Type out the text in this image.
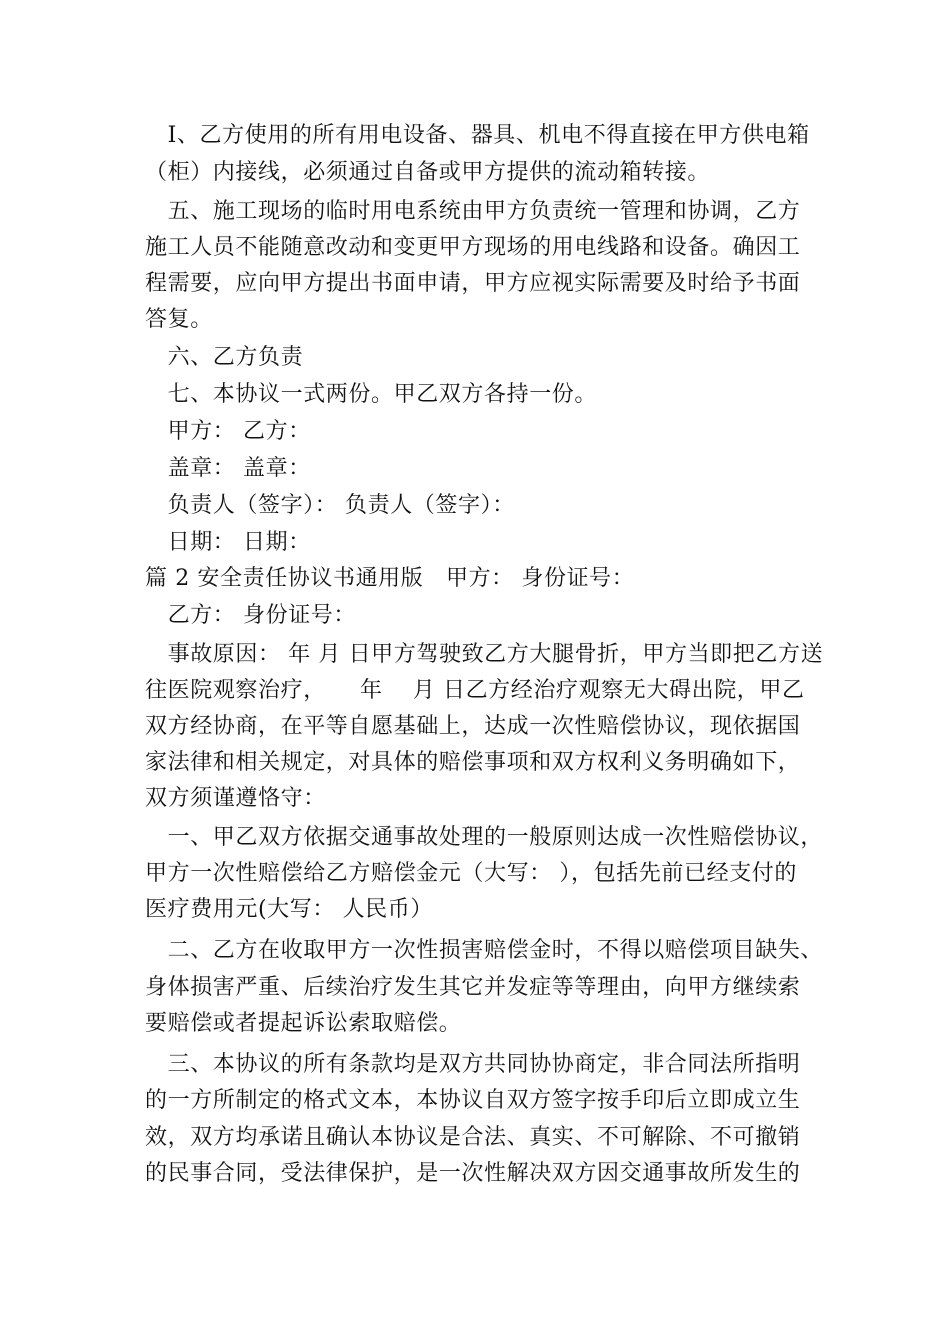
　I、乙方使用的所有用电设备、器具、机电不得直接在甲方供电箱
（柜）内接线，必须通过自备或甲方提供的流动箱转接。
　五、施工现场的临时用电系统由甲方负责统一管理和协调，乙方
施工人员不能随意改动和变更甲方现场的用电线路和设备。确因工
程需要，应向甲方提出书面申请，甲方应视实际需要及时给予书面
答复。
　六、乙方负责
　七、本协议一式两份。甲乙双方各持一份。
　甲方： 乙方：
　盖章： 盖章：
　负责人（签字）： 负责人（签字）：
　日期： 日期：
篇 2 安全责任协议书通用版　甲方： 身份证号：
　乙方： 身份证号：
　事故原因： 年 月 日甲方驾驶致乙方大腿骨折，甲方当即把乙方送
往医院观察治疗，　　年　 月 日乙方经治疗观察无大碍出院，甲乙
双方经协商，在平等自愿基础上，达成一次性赔偿协议，现依据国
家法律和相关规定，对具体的赔偿事项和双方权利义务明确如下，
双方须谨遵恪守：
　一、甲乙双方依据交通事故处理的一般原则达成一次性赔偿协议，
甲方一次性赔偿给乙方赔偿金元（大写： ），包括先前已经支付的
医疗费用元(大写： 人民币）
　二、乙方在收取甲方一次性损害赔偿金时，不得以赔偿项目缺失、
身体损害严重、后续治疗发生其它并发症等等理由，向甲方继续索
要赔偿或者提起诉讼索取赔偿。
　三、本协议的所有条款均是双方共同协协商定，非合同法所指明
的一方所制定的格式文本，本协议自双方签字按手印后立即成立生
效，双方均承诺且确认本协议是合法、真实、不可解除、不可撤销
的民事合同，受法律保护，是一次性解决双方因交通事故所发生的
